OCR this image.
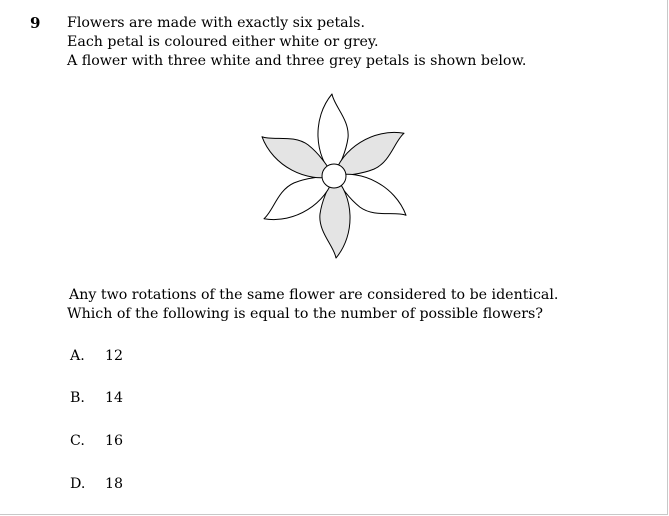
9 Flowers are made with exactly six petals.
Each petal is coloured either white or grey.
A flower with three white and three grey petals is shown below.
Any two rotations of the same flower are considered to be identical.
Which of the following is equal to the number of possible flowers?
A. 12
B. 14
C. 16
D. 18
